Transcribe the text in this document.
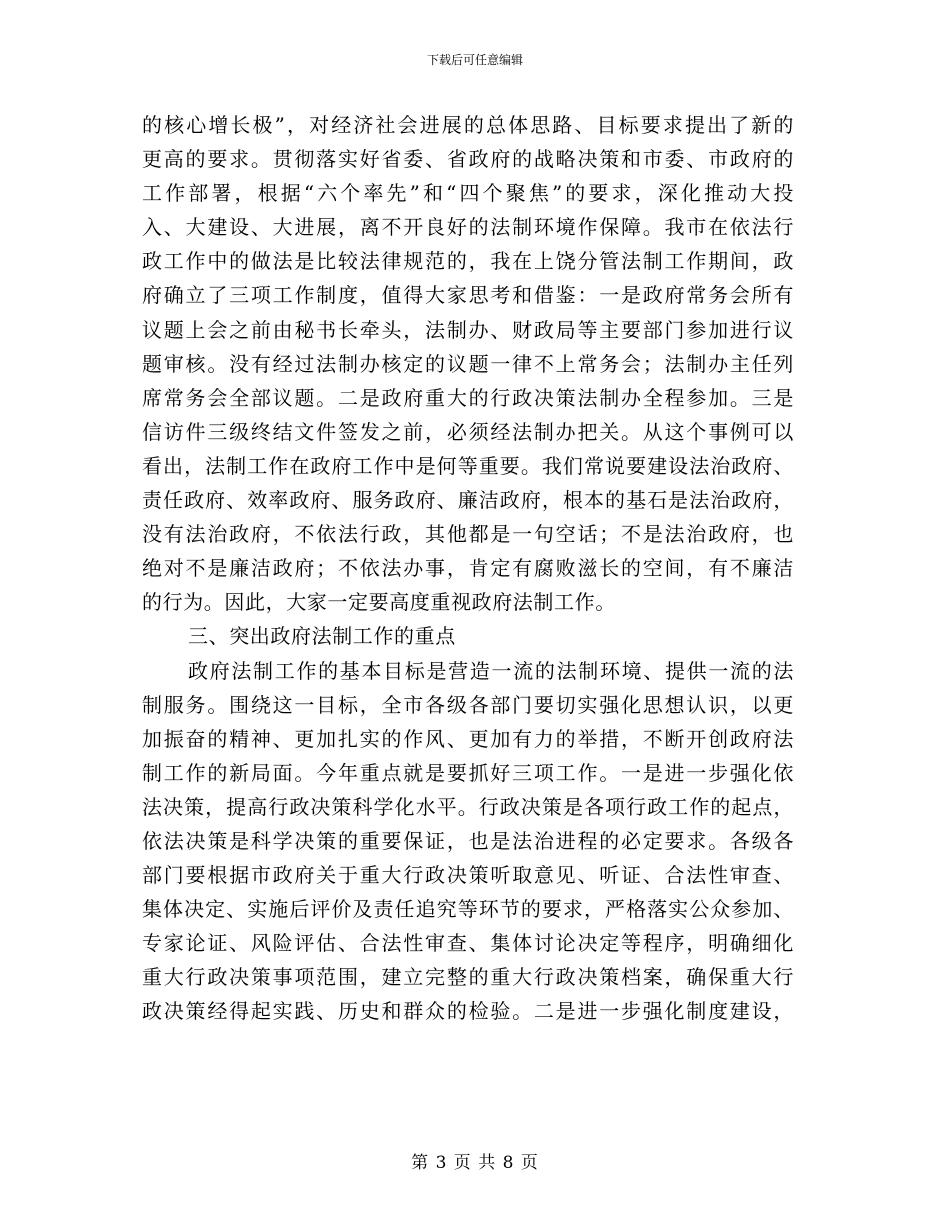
下载后可任意编辑
的核心增长极”，对经济社会进展的总体思路、目标要求提出了新的
更高的要求。贯彻落实好省委、省政府的战略决策和市委、市政府的
工作部署，根据“六个率先”和“四个聚焦”的要求，深化推动大投
入、大建设、大进展，离不开良好的法制环境作保障。我市在依法行
政工作中的做法是比较法律规范的，我在上饶分管法制工作期间，政
府确立了三项工作制度，值得大家思考和借鉴：一是政府常务会所有
议题上会之前由秘书长牵头，法制办、财政局等主要部门参加进行议
题审核。没有经过法制办核定的议题一律不上常务会；法制办主任列
席常务会全部议题。二是政府重大的行政决策法制办全程参加。三是
信访件三级终结文件签发之前，必须经法制办把关。从这个事例可以
看出，法制工作在政府工作中是何等重要。我们常说要建设法治政府、
责任政府、效率政府、服务政府、廉洁政府，根本的基石是法治政府，
没有法治政府，不依法行政，其他都是一句空话；不是法治政府，也
绝对不是廉洁政府；不依法办事，肯定有腐败滋长的空间，有不廉洁
的行为。因此，大家一定要高度重视政府法制工作。
三、突出政府法制工作的重点
政府法制工作的基本目标是营造一流的法制环境、提供一流的法
制服务。围绕这一目标，全市各级各部门要切实强化思想认识，以更
加振奋的精神、更加扎实的作风、更加有力的举措，不断开创政府法
制工作的新局面。今年重点就是要抓好三项工作。一是进一步强化依
法决策，提高行政决策科学化水平。行政决策是各项行政工作的起点，
依法决策是科学决策的重要保证，也是法治进程的必定要求。各级各
部门要根据市政府关于重大行政决策听取意见、听证、合法性审查、
集体决定、实施后评价及责任追究等环节的要求，严格落实公众参加、
专家论证、风险评估、合法性审查、集体讨论决定等程序，明确细化
重大行政决策事项范围，建立完整的重大行政决策档案，确保重大行
政决策经得起实践、历史和群众的检验。二是进一步强化制度建设，
第 3 页 共 8 页
